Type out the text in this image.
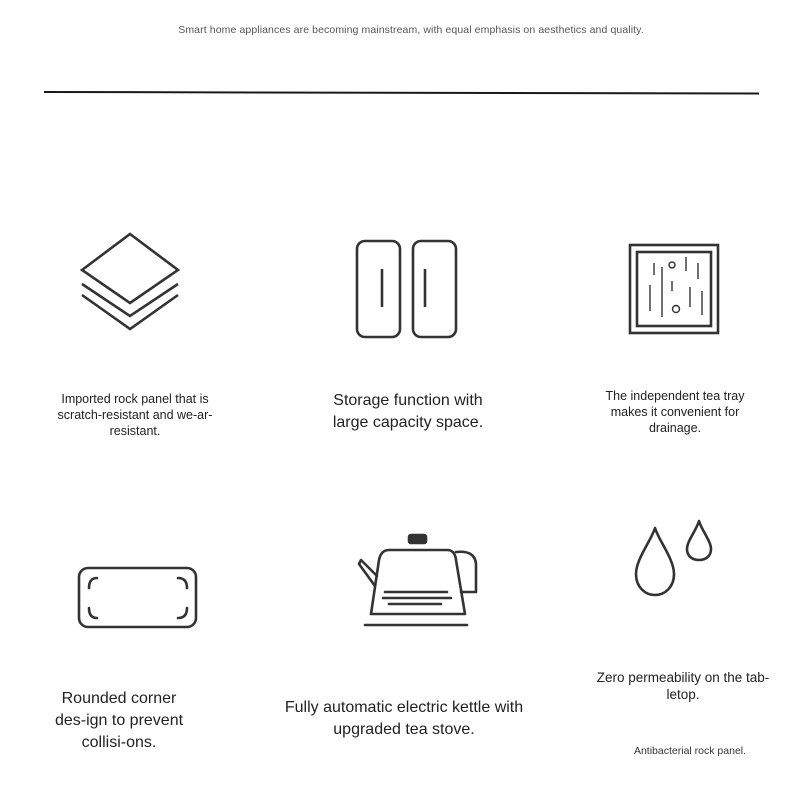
Smart home appliances are becoming mainstream, with equal emphasis on aesthetics and quality.
Imported rock panel that is scratch-resistant and we-ar-resistant.
Storage function with large capacity space.
The independent tea tray makes it convenient for drainage.
Rounded corner des-ign to prevent collisi-ons.
Fully automatic electric kettle with upgraded tea stove.
Zero permeability on the tab-letop.
Antibacterial rock panel.
